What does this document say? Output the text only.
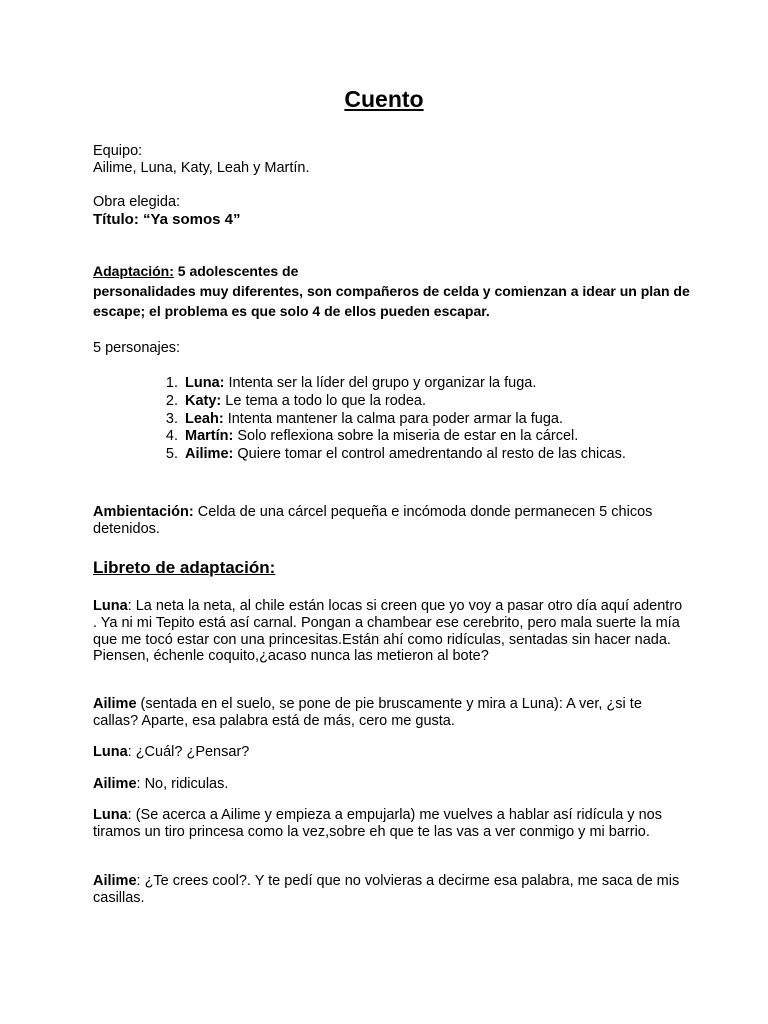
Cuento

Equipo:

Ailime, Luna, Katy, Leah y Martín.

Obra elegida:

Título: “Ya somos 4”

Adaptación: 5 adolescentes de
personalidades muy diferentes, son compañeros de celda y comienzan a idear un plan de escape; el problema es que solo 4 de ellos pueden escapar.

5 personajes:

1. Luna: Intenta ser la líder del grupo y organizar la fuga.
2. Katy: Le tema a todo lo que la rodea.
3. Leah: Intenta mantener la calma para poder armar la fuga.
4. Martín: Solo reflexiona sobre la miseria de estar en la cárcel.
5. Ailime: Quiere tomar el control amedrentando al resto de las chicas.

Ambientación: Celda de una cárcel pequeña e incómoda donde permanecen 5 chicos detenidos.

Libreto de adaptación:

Luna: La neta la neta, al chile están locas si creen que yo voy a pasar otro día aquí adentro . Ya ni mi Tepito está así carnal. Pongan a chambear ese cerebrito, pero mala suerte la mía que me tocó estar con una princesitas.Están ahí como ridículas, sentadas sin hacer nada. Piensen, échenle coquito,¿acaso nunca las metieron al bote?

Ailime (sentada en el suelo, se pone de pie bruscamente y mira a Luna): A ver, ¿si te callas? Aparte, esa palabra está de más, cero me gusta.

Luna: ¿Cuál? ¿Pensar?

Ailime: No, ridiculas.

Luna: (Se acerca a Ailime y empieza a empujarla) me vuelves a hablar así ridícula y nos tiramos un tiro princesa como la vez,sobre eh que te las vas a ver conmigo y mi barrio.

Ailime: ¿Te crees cool?. Y te pedí que no volvieras a decirme esa palabra, me saca de mis casillas.
